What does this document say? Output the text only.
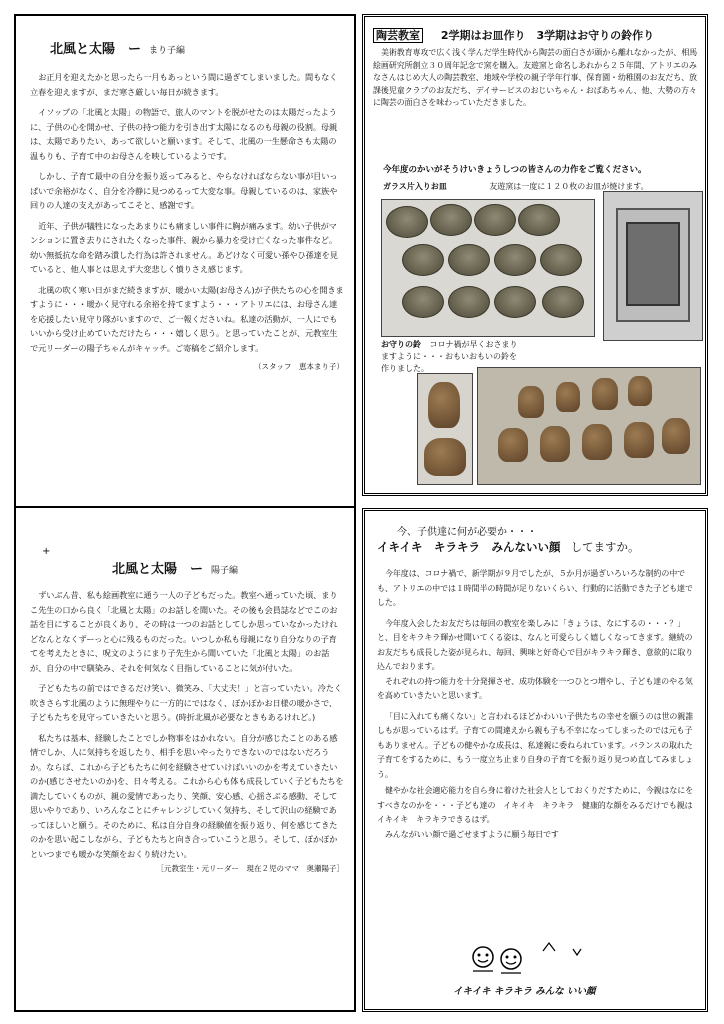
北風と太陽　ー まり子編

お正月を迎えたかと思ったら一月もあっという間に過ぎてしまいました。間もなく立春を迎えますが、まだ寒さ厳しい毎日が続きます。

イソップの「北風と太陽」の物語で、旅人のマントを脱がせたのは太陽だったように、子供の心を開かせ、子供の持つ能力を引き出す太陽になるのも母親の役割。母親は、太陽でありたい、あって欲しいと願います。そして、北風の一生懸命さも太陽の温もりも、子育て中のお母さんを映しているようです。

しかし、子育て最中の自分を振り返ってみると、やらなければならない事が目いっぱいで余裕がなく、自分を冷静に見つめるって大変な事。母親しているのは、家族や回りの人達の支えがあってこそと、感謝です。

近年、子供が犠牲になったあまりにも痛ましい事件に胸が痛みます。幼い子供がマンションに置き去りにされたくなった事件、親から暴力を受け亡くなった事件など。幼い無抵抗な命を踏み潰した行為は許されません。あどけなく可愛い孫やひ孫達を見ていると、他人事とは思えず大変悲しく憤りさえ感じます。

北風の吹く寒い日がまだ続きますが、暖かい太陽(お母さん)が子供たちの心を開きますように・・・暖かく見守れる余裕を持てますよう・・・アトリエには、お母さん達を応援したい見守り隊がいますので、ご一報くださいね。私達の活動が、一人にでもいいから受け止めていただけたら・・・嬉しく思う。と思っていたことが、元教室生で元リーダーの陽子ちゃんがキャッチ。ご寄稿をご紹介します。

（スタッフ　恵本まり子）
+
北風と太陽　ー 陽子編

ずいぶん昔、私も絵画教室に通う一人の子どもだった。教室へ通っていた頃、まりこ先生の口から良く「北風と太陽」のお話しを聞いた。その後も会員誌などでこのお話を目にすることが良くあり、その時は一つのお話としてしか思っていなかったけれどなんとなくずーっと心に残るものだった。いつしか私も母親になり自分なりの子育てを考えたときに、呪文のようにまり子先生から聞いていた「北風と太陽」のお話が、自分の中で馴染み、それを何気なく目指していることに気が付いた。

子どもたちの前ではできるだけ笑い、微笑み、「大丈夫！」と言っていたい。冷たく吹きさらす北風のように無理やりに一方的にではなく、ぽかぽかお日様の暖かさで、子どもたちを見守っていきたいと思う。(時折北風が必要なときもあるけれど。)

私たちは基本、経験したことでしか物事をはかれない。自分が感じたことのある感情でしか、人に気持ちを返したり、相手を思いやったりできないのではないだろうか。ならば、これから子どもたちに何を経験させていけばいいのかを考えていきたいのか(感じさせたいのか)を、日々考える。これから心も体も成長していく子どもたちを満たしていくものが、親の愛情であったり、笑顔、安心感、心揺さぶる感動、そして思いやりであり、いろんなことにチャレンジしていく気持ち、そして沢山の経験であってほしいと願う。そのために、私は自分自身の経験値を振り返り、何を感じてきたのかを思い起こしながら、子どもたちと向き合っていこうと思う。そして、ぽかぽかといつまでも暖かな笑顔をおくり続けたい。

［元教室生・元リーダー　現在２児のママ　奥瀬陽子］
陶芸教室 2学期はお皿作り　3学期はお守りの鈴作り

美術教育専攻で広く浅く学んだ学生時代から陶芸の面白さが頭から離れなかったが、相馬絵画研究所創立３０周年記念で窯を購入。友遊窯と命名しあれから２５年間、アトリエのみなさんはじめ大人の陶芸教室、地域や学校の親子学年行事、保育園・幼稚園のお友だち、放課後児童クラブのお友だち、デイサービスのおじいちゃん・おばあちゃん、他、大勢の方々に陶芸の面白さを味わっていただきました。

今年度のかいがそうけいきょうしつの皆さんの力作をご覧ください。
ガラス片入りお皿	友遊窯は一度に１２０枚のお皿が焼けます。
お守りの鈴 コロナ禍が早くおさまりますように・・・おもいおもいの鈴を作りました。
今、子供達に何が必要か・・・
イキイキ　キラキラ　みんないい顔 してますか。

今年度は、コロナ禍で、新学期が９月でしたが、５か月が過ぎいろいろな制約の中でも、アトリエの中では１時間半の時間が足りないくらい、行動的に活動できた子ども達でした。

今年度入会したお友だちは毎回の教室を楽しみに「きょうは、なにするの・・・？」と、目をキラキラ輝かせ聞いてくる姿は、なんと可愛らしく嬉しくなってきます。継続のお友だちも成長した姿が見られ、毎回、興味と好奇心で目がキラキラ輝き、意欲的に取り込んでおります。

それぞれの持つ能力を十分発揮させ、成功体験を一つひとつ増やし、子ども達のやる気を高めていきたいと思います。

「目に入れても痛くない」と言われるほどかわいい子供たちの幸せを願うのは世の親誰しもが思っているはず。子育ての間違えから親も子も不幸になってしまったのでは元も子もありません。子どもの健やかな成長は、私達親に委ねられています。バランスの取れた子育てをするために、もう一度立ち止まり自身の子育てを振り返り見つめ直してみましょう。

健やかな社会適応能力を自ら身に着けた社会人としておくりだすために、今親はなにをすべきなのかを・・・子ども達の　イキイキ　キラキラ　健康的な顔をみるだけでも親は　イキイキ　キラキラできるはず。

みんながいい顔で過ごせますように願う毎日です

イキイキ キラキラ みんな いい顔
